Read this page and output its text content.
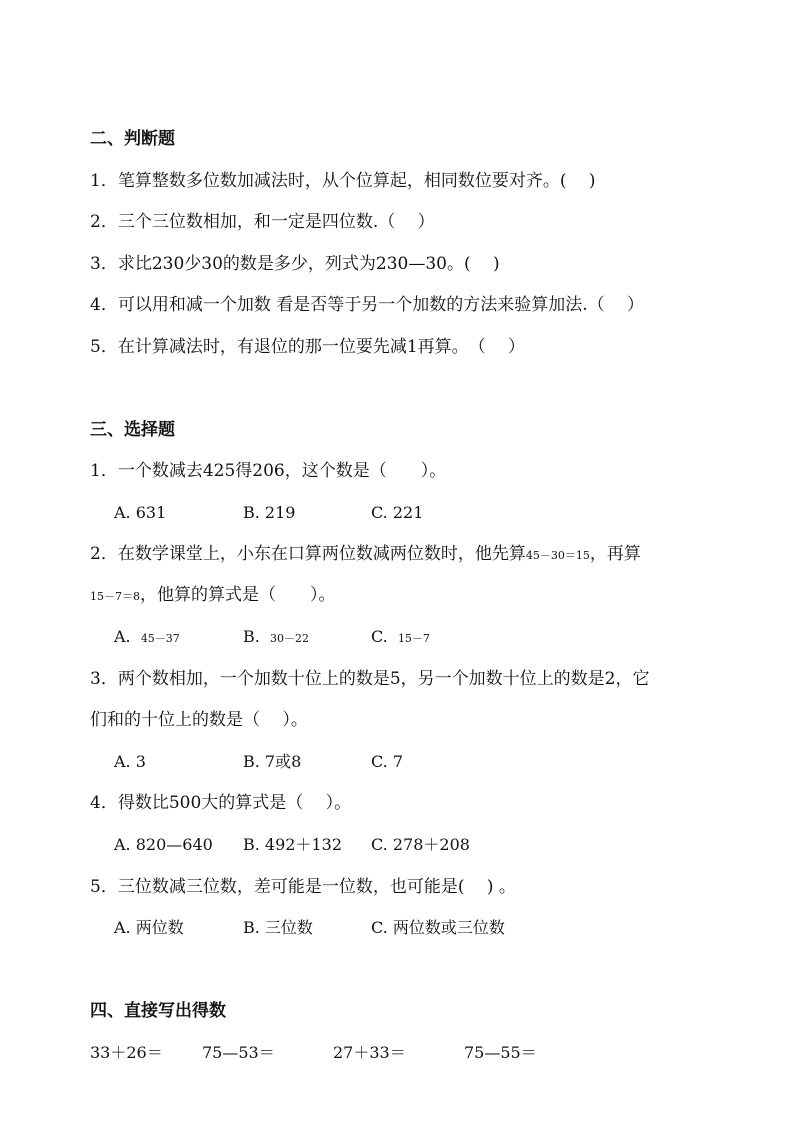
二、判断题
1．笔算整数多位数加减法时，从个位算起，相同数位要对齐。(　 )
2．三个三位数相加，和一定是四位数.（　 ）
3．求比230少30的数是多少，列式为230—30。(　 )
4．可以用和减一个加数 看是否等于另一个加数的方法来验算加法.（　 ）
5．在计算减法时，有退位的那一位要先减1再算。　（　 ）
三、选择题
1．一个数减去425得206，这个数是（　　）。
A. 631	B. 219	C. 221
2．在数学课堂上，小东在口算两位数减两位数时，他先算45－30＝15，再算
15－7＝8，他算的算式是（　　）。
A. 45－37	B. 30－22	C. 15－7
3．两个数相加，一个加数十位上的数是5，另一个加数十位上的数是2，它
们和的十位上的数是（　 ）。
A. 3	B. 7或8	C. 7
4．得数比500大的算式是（　 ）。
A. 820—640 B. 492＋132 C. 278＋208
5．三位数减三位数，差可能是一位数，也可能是(　 ) 。
A. 两位数	B. 三位数	C. 两位数或三位数
四、直接写出得数
33＋26＝ 75—53＝	27＋33＝	75—55＝
